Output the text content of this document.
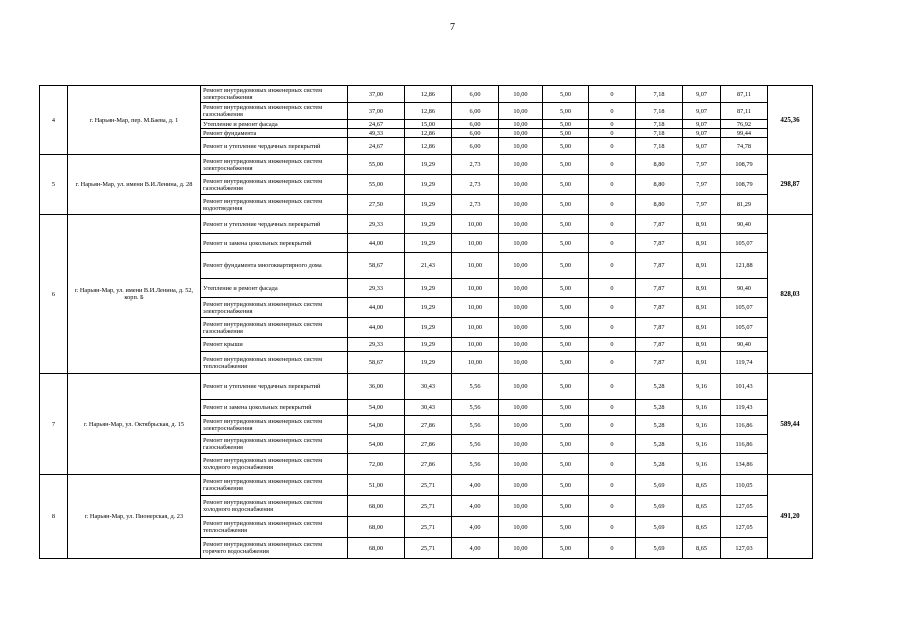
7
4	г. Нарьян-Мар, пер. М.Баева, д. 1	Ремонт внутридомовых инженерных систем электроснабжения	37,00	12,86	6,00	10,00	5,00	0	7,18	9,07	87,11	425,36
		Ремонт внутридомовых инженерных систем газоснабжения	37,00	12,86	6,00	10,00	5,00	0	7,18	9,07	87,11	
		Утепление и ремонт фасада	24,67	15,00	6,00	10,00	5,00	0	7,18	9,07	76,92	
		Ремонт фундамента	49,33	12,86	6,00	10,00	5,00	0	7,18	9,07	99,44	
		Ремонт и утепление чердачных перекрытий	24,67	12,86	6,00	10,00	5,00	0	7,18	9,07	74,78	
5	г. Нарьян-Мар, ул. имени В.И.Ленина, д. 28	Ремонт внутридомовых инженерных систем электроснабжения	55,00	19,29	2,73	10,00	5,00	0	8,80	7,97	108,79	298,87
		Ремонт внутридомовых инженерных систем газоснабжения	55,00	19,29	2,73	10,00	5,00	0	8,80	7,97	108,79	
		Ремонт внутридомовых инженерных систем водоотведения	27,50	19,29	2,73	10,00	5,00	0	8,80	7,97	81,29	
6	г. Нарьян-Мар, ул. имени В.И.Ленина, д. 52, корп. Б	Ремонт и утепление чердачных перекрытий	29,33	19,29	10,00	10,00	5,00	0	7,87	8,91	90,40	828,03
		Ремонт и замена цокольных перекрытий	44,00	19,29	10,00	10,00	5,00	0	7,87	8,91	105,07	
		Ремонт фундамента многоквартирного дома	58,67	21,43	10,00	10,00	5,00	0	7,87	8,91	121,88	
		Утепление и ремонт фасада	29,33	19,29	10,00	10,00	5,00	0	7,87	8,91	90,40	
		Ремонт внутридомовых инженерных систем электроснабжения	44,00	19,29	10,00	10,00	5,00	0	7,87	8,91	105,07	
		Ремонт внутридомовых инженерных систем газоснабжения	44,00	19,29	10,00	10,00	5,00	0	7,87	8,91	105,07	
		Ремонт крыши	29,33	19,29	10,00	10,00	5,00	0	7,87	8,91	90,40	
		Ремонт внутридомовых инженерных систем теплоснабжения	58,67	19,29	10,00	10,00	5,00	0	7,87	8,91	119,74	
7	г. Нарьян-Мар, ул. Октябрьская, д. 15	Ремонт и утепление чердачных перекрытий	36,00	30,43	5,56	10,00	5,00	0	5,28	9,16	101,43	589,44
		Ремонт и замена цокольных перекрытий	54,00	30,43	5,56	10,00	5,00	0	5,28	9,16	119,43	
		Ремонт внутридомовых инженерных систем электроснабжения	54,00	27,86	5,56	10,00	5,00	0	5,28	9,16	116,86	
		Ремонт внутридомовых инженерных систем газоснабжения	54,00	27,86	5,56	10,00	5,00	0	5,28	9,16	116,86	
		Ремонт внутридомовых инженерных систем холодного водоснабжения	72,00	27,86	5,56	10,00	5,00	0	5,28	9,16	134,86	
8	г. Нарьян-Мар, ул. Пионерская, д. 23	Ремонт внутридомовых инженерных систем газоснабжения	51,00	25,71	4,00	10,00	5,00	0	5,69	8,65	110,05	491,20
		Ремонт внутридомовых инженерных систем холодного водоснабжения	68,00	25,71	4,00	10,00	5,00	0	5,69	8,65	127,05	
		Ремонт внутридомовых инженерных систем теплоснабжения	68,00	25,71	4,00	10,00	5,00	0	5,69	8,65	127,05	
		Ремонт внутридомовых инженерных систем горячего водоснабжения	68,00	25,71	4,00	10,00	5,00	0	5,69	8,65	127,03	
